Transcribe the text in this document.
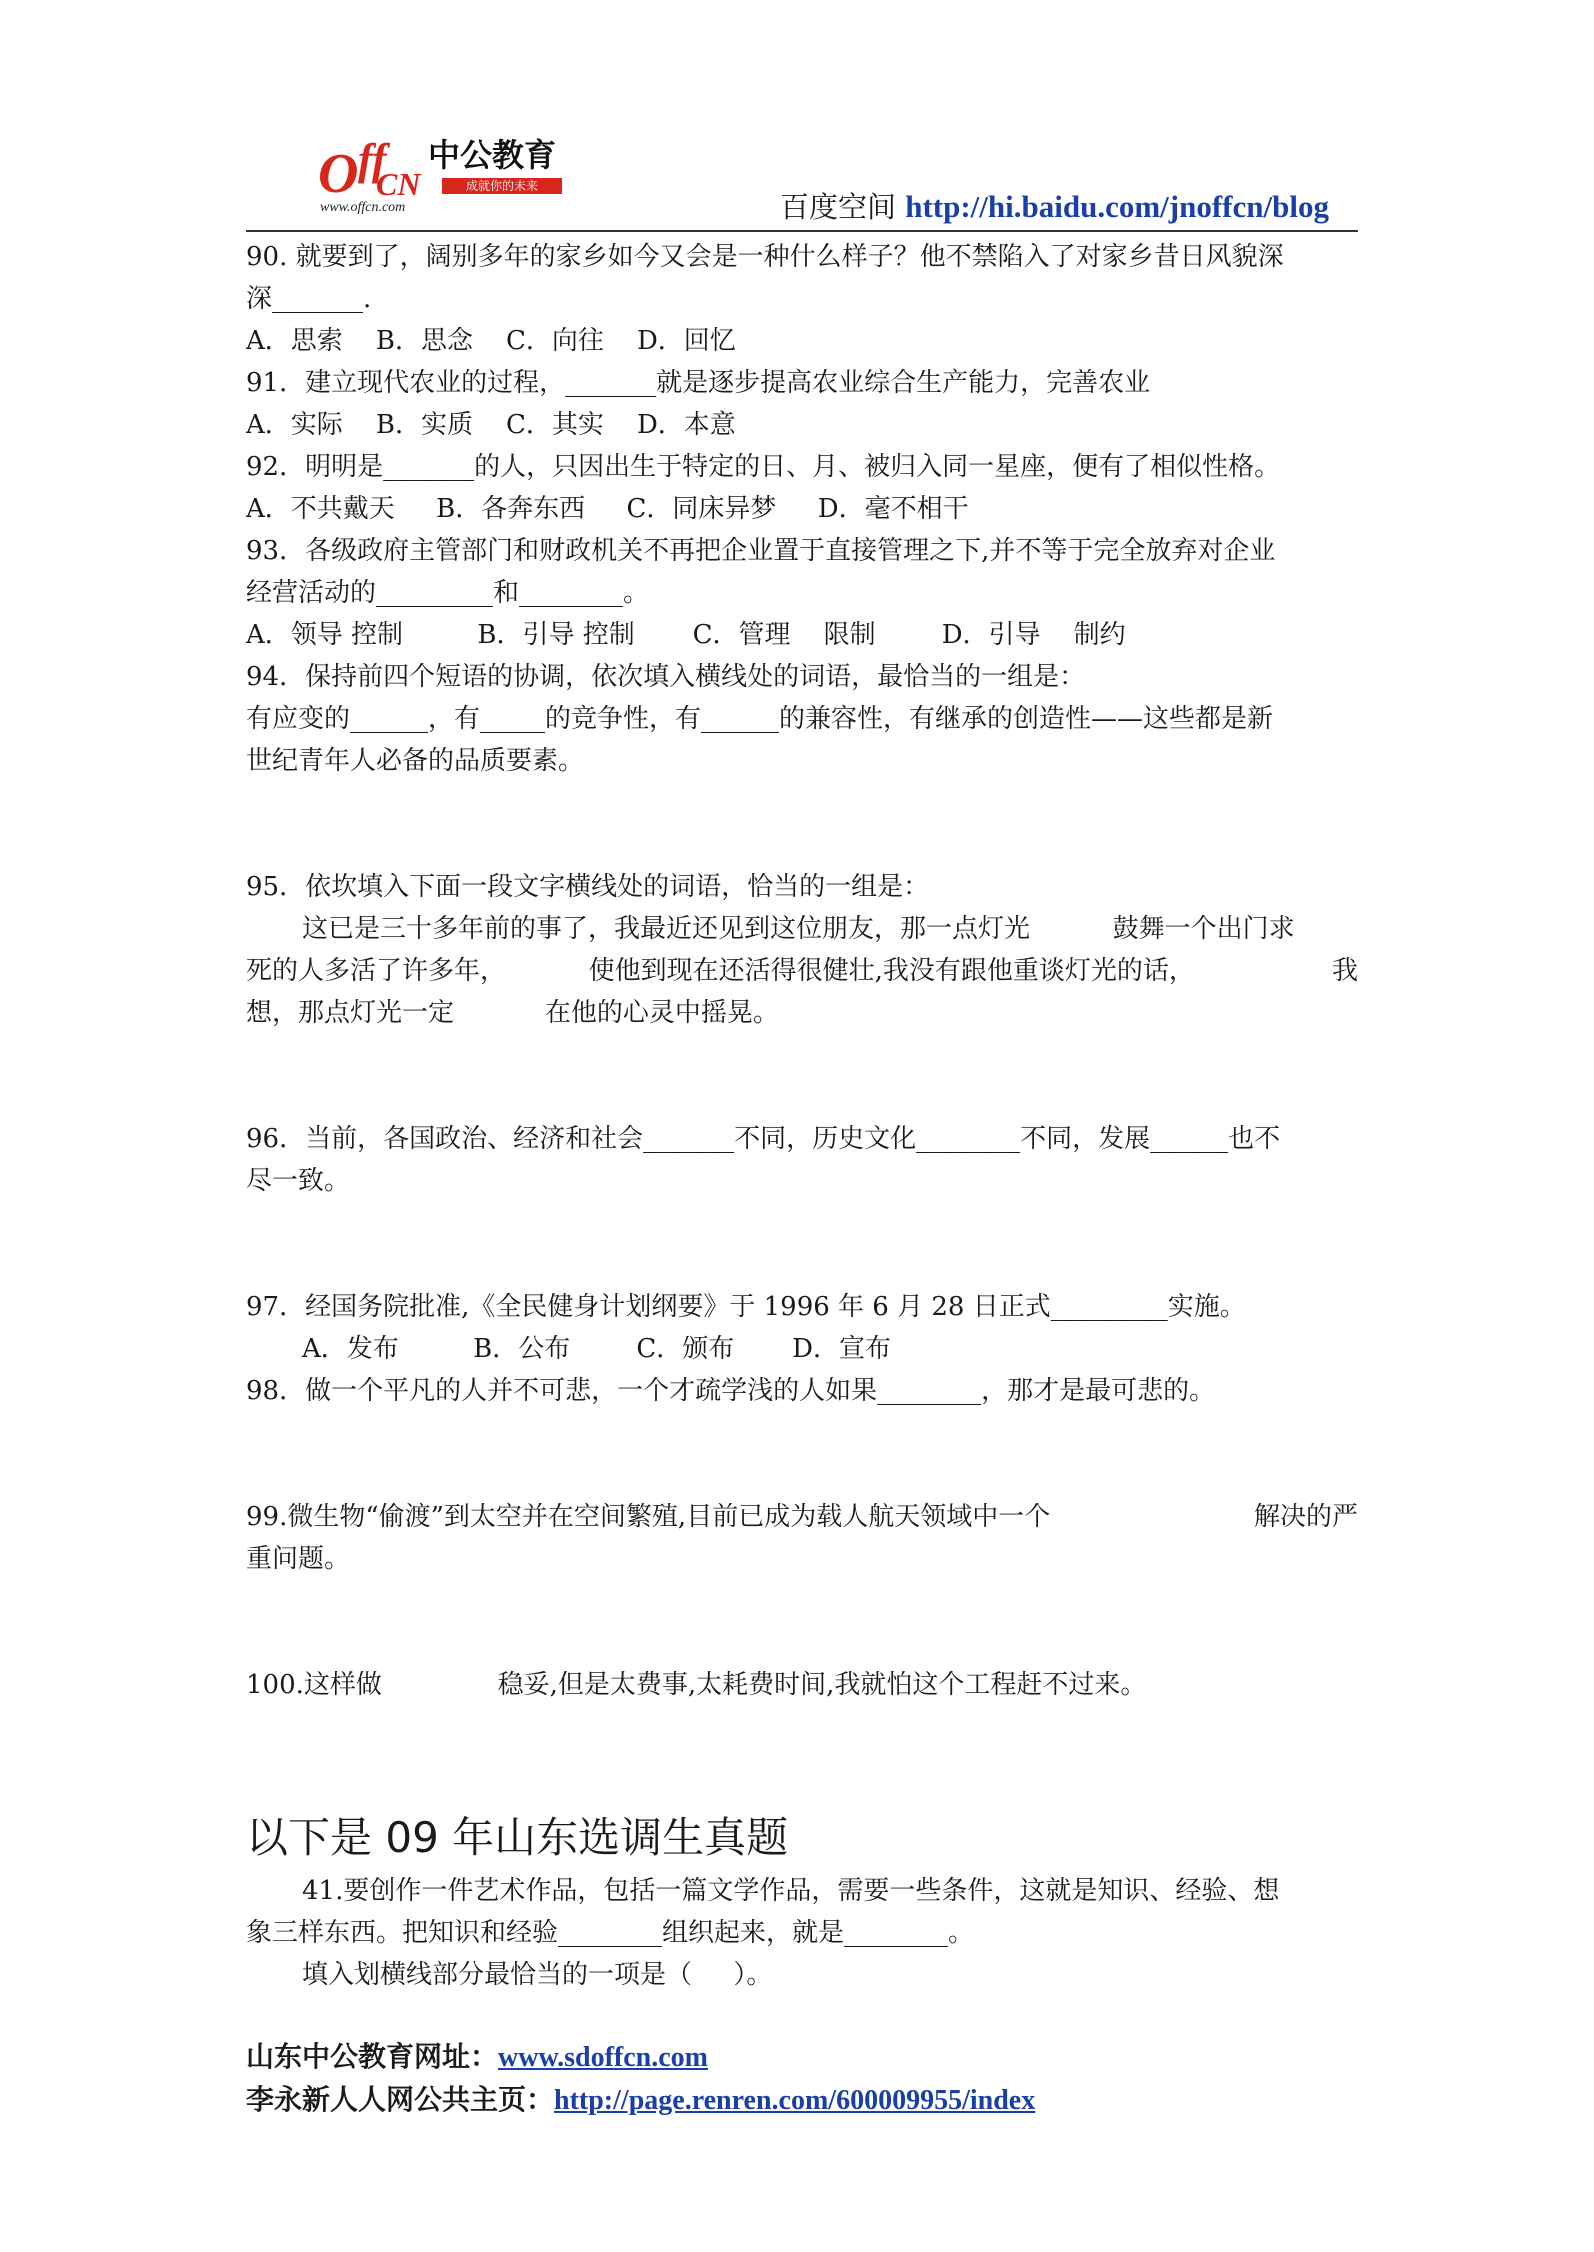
O ff
CN
中公教育
成就你的未来
www.offcn.com	百度空间 http://hi.baidu.com/jnoffcn/blog
90. 就要到了，阔别多年的家乡如今又会是一种什么样子？他不禁陷入了对家乡昔日风貌深
深_______.
A．思索    B．思念    C．向往    D．回忆
91．建立现代农业的过程，_______就是逐步提高农业综合生产能力，完善农业
A．实际    B．实质    C．其实    D．本意
92．明明是_______的人，只因出生于特定的日、月、被归入同一星座，便有了相似性格。
A．不共戴天     B．各奔东西     C．同床异梦     D．毫不相干
93．各级政府主管部门和财政机关不再把企业置于直接管理之下,并不等于完全放弃对企业
经营活动的_________和________。
A．领导 控制         B．引导 控制       C．管理    限制        D．引导    制约
94．保持前四个短语的协调，依次填入横线处的词语，最恰当的一组是：
有应变的______，有_____的竞争性，有______的兼容性，有继承的创造性——这些都是新
世纪青年人必备的品质要素。

95．依坎填入下面一段文字横线处的词语，恰当的一组是：
这已是三十多年前的事了，我最近还见到这位朋友，那一点灯光          鼓舞一个出门求
死的人多活了许多年，          使他到现在还活得很健壮,我没有跟他重谈灯光的话，	我
想，那点灯光一定           在他的心灵中摇晃。

96．当前，各国政治、经济和社会_______不同，历史文化________不同，发展______也不
尽一致。

97．经国务院批准,《全民健身计划纲要》于 1996 年 6 月 28 日正式_________实施。
A．发布         B．公布        C．颁布       D．宣布
98．做一个平凡的人并不可悲，一个才疏学浅的人如果________，那才是最可悲的。

99.微生物“偷渡”到太空并在空间繁殖,目前已成为载人航天领域中一个	解决的严
重问题。

100.这样做              稳妥,但是太费事,太耗费时间,我就怕这个工程赶不过来。

以下是 09 年山东选调生真题
41.要创作一件艺术作品，包括一篇文学作品，需要一些条件，这就是知识、经验、想
象三样东西。把知识和经验________组织起来，就是________。
填入划横线部分最恰当的一项是（     ）。

山东中公教育网址：www.sdoffcn.com
李永新人人网公共主页：http://page.renren.com/600009955/index
